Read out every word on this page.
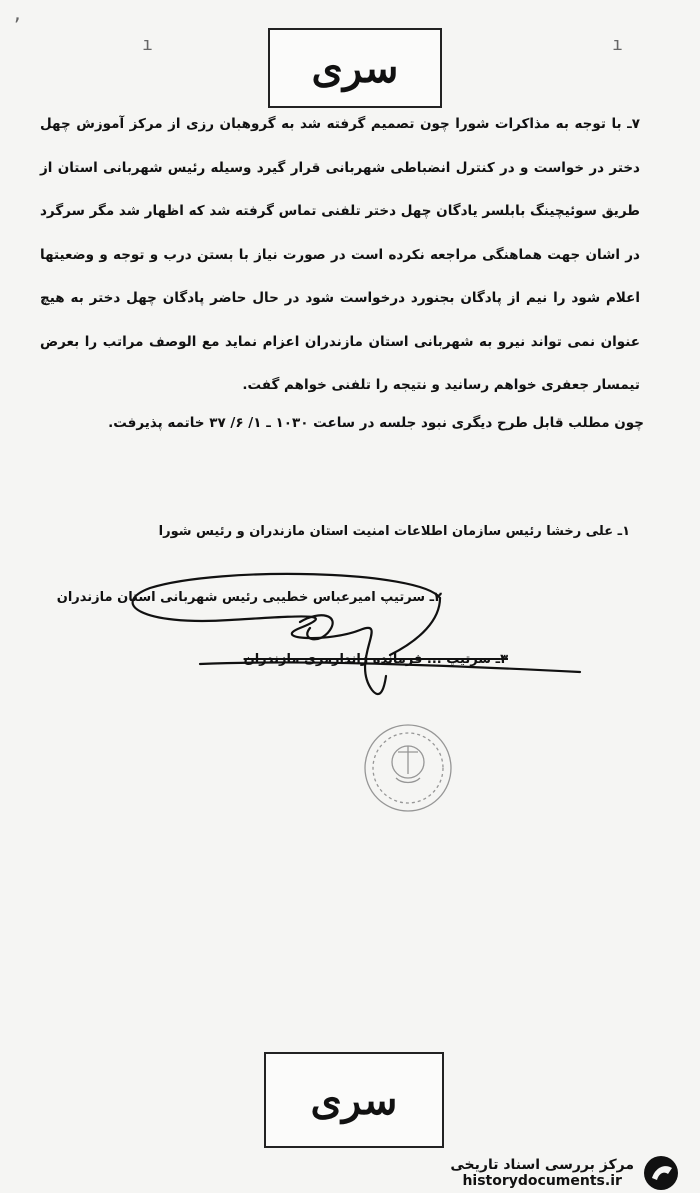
,
ı	ı
سری
۷ـ با توجه به مذاکرات شورا چون تصمیم گرفته شد به گروهبان رزی از مرکز آموزش چهل دختر در خواست و در کنترل انضباطی شهربانی قرار گیرد وسیله رئیس شهربانی استان از طریق سوئیچینگ بابلسر یادگان چهل دختر تلفنی تماس گرفته شد که اظهار شد مگر سرگرد در اشان جهت هماهنگی مراجعه نکرده است در صورت نیاز با بستن درب و توجه و وضعیتها اعلام شود را نیم از پادگان بجنورد درخواست شود در حال حاضر پادگان چهل دختر به هیچ عنوان نمی تواند نیرو به شهربانی استان مازندران اعزام نماید مع الوصف مراتب را بعرض تیمسار جعفری خواهم رسانید و نتیجه را تلفنی خواهم گفت.
چون مطلب قابل طرح دیگری نبود جلسه در ساعت ۱۰۳۰ ـ ۱/ ۶/ ۳۷ خاتمه پذیرفت.
۱ـ علی رخشا رئیس سازمان اطلاعات امنیت استان مازندران و رئیس شورا
۲ـ سرتیپ امیرعباس خطیبی رئیس شهربانی استان مازندران
۳ـ سرتیپ ... فرمانده ژاندارمری مازندران
سری
مرکز بررسی اسناد تاریخی
historydocuments.ir
